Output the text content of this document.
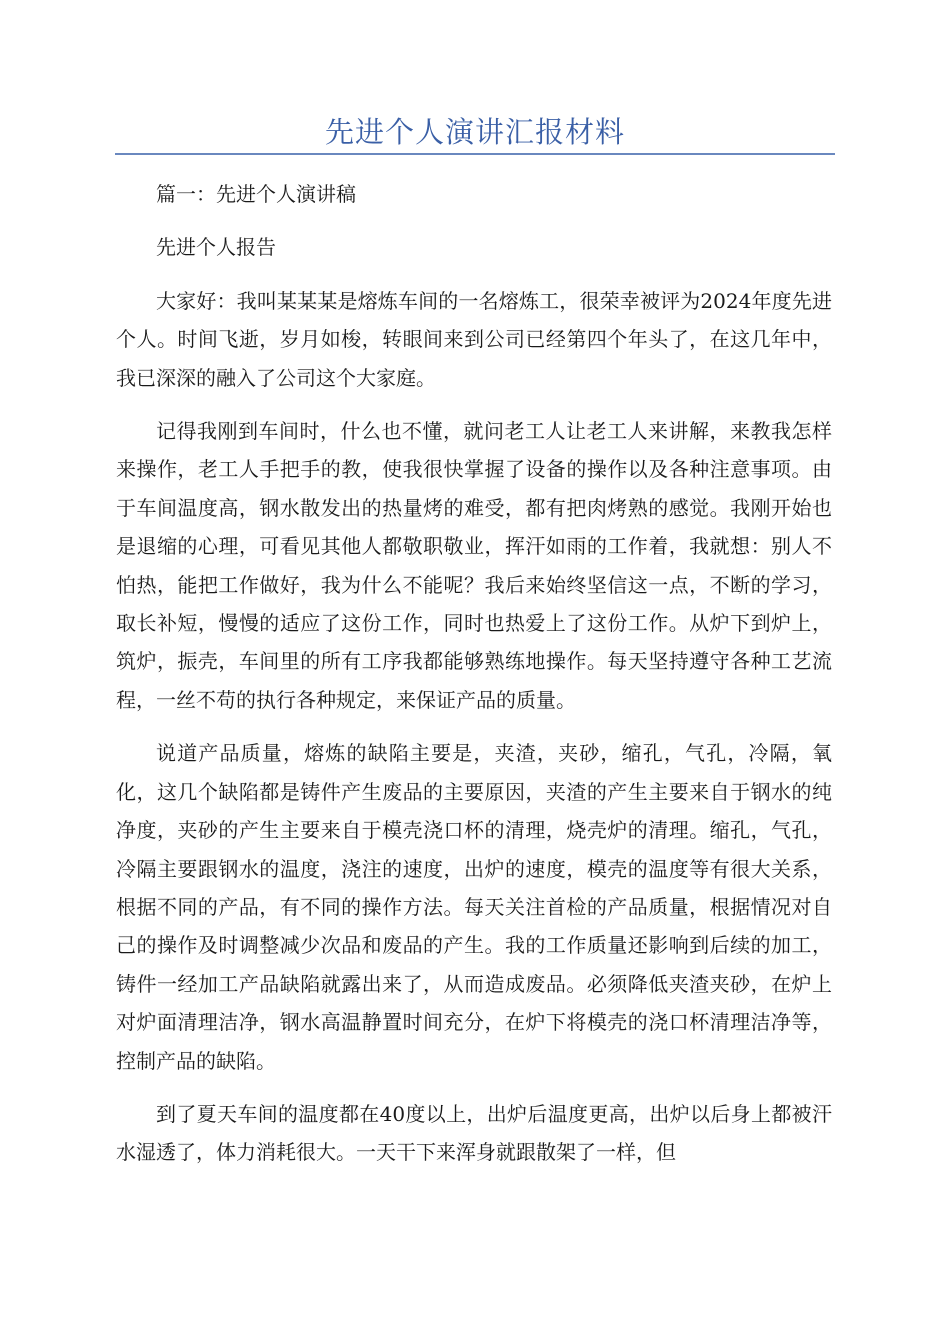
先进个人演讲汇报材料

篇一：先进个人演讲稿

先进个人报告

大家好：我叫某某某是熔炼车间的一名熔炼工，很荣幸被评为2024年度先进个人。时间飞逝，岁月如梭，转眼间来到公司已经第四个年头了，在这几年中，我已深深的融入了公司这个大家庭。

记得我刚到车间时，什么也不懂，就问老工人让老工人来讲解，来教我怎样来操作，老工人手把手的教，使我很快掌握了设备的操作以及各种注意事项。由于车间温度高，钢水散发出的热量烤的难受，都有把肉烤熟的感觉。我刚开始也是退缩的心理，可看见其他人都敬职敬业，挥汗如雨的工作着，我就想：别人不怕热，能把工作做好，我为什么不能呢？我后来始终坚信这一点，不断的学习，取长补短，慢慢的适应了这份工作，同时也热爱上了这份工作。从炉下到炉上，筑炉，振壳，车间里的所有工序我都能够熟练地操作。每天坚持遵守各种工艺流程，一丝不苟的执行各种规定，来保证产品的质量。

说道产品质量，熔炼的缺陷主要是，夹渣，夹砂，缩孔，气孔，冷隔，氧化，这几个缺陷都是铸件产生废品的主要原因，夹渣的产生主要来自于钢水的纯净度，夹砂的产生主要来自于模壳浇口杯的清理，烧壳炉的清理。缩孔，气孔，冷隔主要跟钢水的温度，浇注的速度，出炉的速度，模壳的温度等有很大关系，根据不同的产品，有不同的操作方法。每天关注首检的产品质量，根据情况对自己的操作及时调整减少次品和废品的产生。我的工作质量还影响到后续的加工，铸件一经加工产品缺陷就露出来了，从而造成废品。必须降低夹渣夹砂，在炉上对炉面清理洁净，钢水高温静置时间充分，在炉下将模壳的浇口杯清理洁净等，控制产品的缺陷。

到了夏天车间的温度都在40度以上，出炉后温度更高，出炉以后身上都被汗水湿透了，体力消耗很大。一天干下来浑身就跟散架了一样，但
